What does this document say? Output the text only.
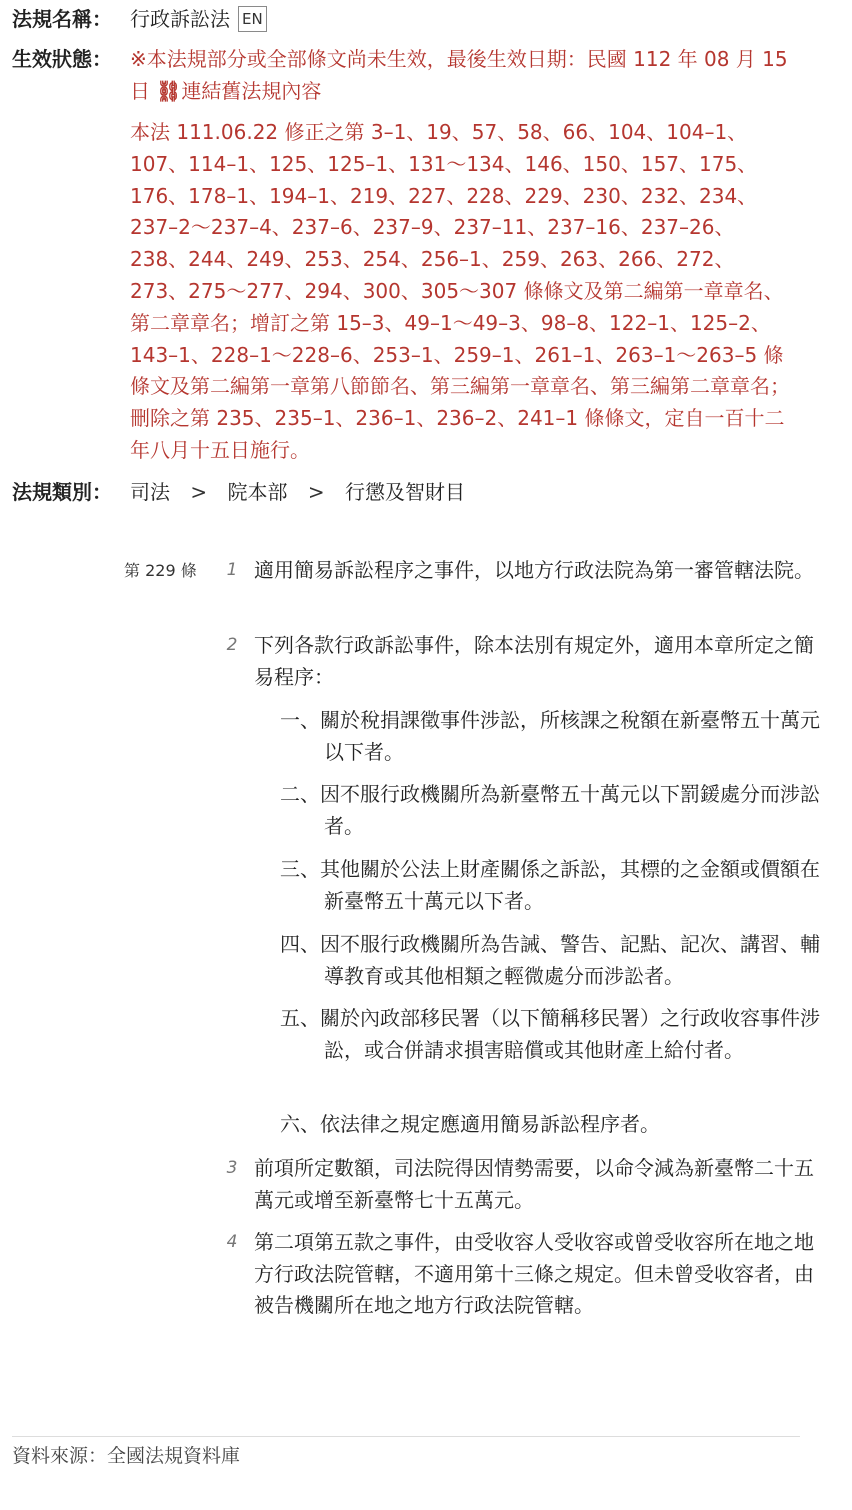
法規名稱： 行政訴訟法 EN
生效狀態： ※本法規部分或全部條文尚未生效，最後生效日期：民國 112 年 08 月 15 日 ⛓連結舊法規內容
本法 111.06.22 修正之第 3–1、19、57、58、66、104、104–1、107、114–1、125、125–1、131～134、146、150、157、175、176、178–1、194–1、219、227、228、229、230、232、234、237–2～237–4、237–6、237–9、237–11、237–16、237–26、238、244、249、253、254、256–1、259、263、266、272、273、275～277、294、300、305～307 條條文及第二編第一章章名、第二章章名；增訂之第 15–3、49–1～49–3、98–8、122–1、125–2、143–1、228–1～228–6、253–1、259–1、261–1、263–1～263–5 條條文及第二編第一章第八節節名、第三編第一章章名、第三編第二章章名；刪除之第 235、235–1、236–1、236–2、241–1 條條文，定自一百十二年八月十五日施行。
法規類別： 司法 > 院本部 > 行懲及智財目
第 229 條 1 適用簡易訴訟程序之事件，以地方行政法院為第一審管轄法院。
2 下列各款行政訴訟事件，除本法別有規定外，適用本章所定之簡易程序：
一、關於稅捐課徵事件涉訟，所核課之稅額在新臺幣五十萬元以下者。
二、因不服行政機關所為新臺幣五十萬元以下罰鍰處分而涉訟者。
三、其他關於公法上財產關係之訴訟，其標的之金額或價額在新臺幣五十萬元以下者。
四、因不服行政機關所為告誡、警告、記點、記次、講習、輔導教育或其他相類之輕微處分而涉訟者。
五、關於內政部移民署（以下簡稱移民署）之行政收容事件涉訟，或合併請求損害賠償或其他財產上給付者。
六、依法律之規定應適用簡易訴訟程序者。
3 前項所定數額，司法院得因情勢需要，以命令減為新臺幣二十五萬元或增至新臺幣七十五萬元。
4 第二項第五款之事件，由受收容人受收容或曾受收容所在地之地方行政法院管轄，不適用第十三條之規定。但未曾受收容者，由被告機關所在地之地方行政法院管轄。
資料來源：全國法規資料庫
